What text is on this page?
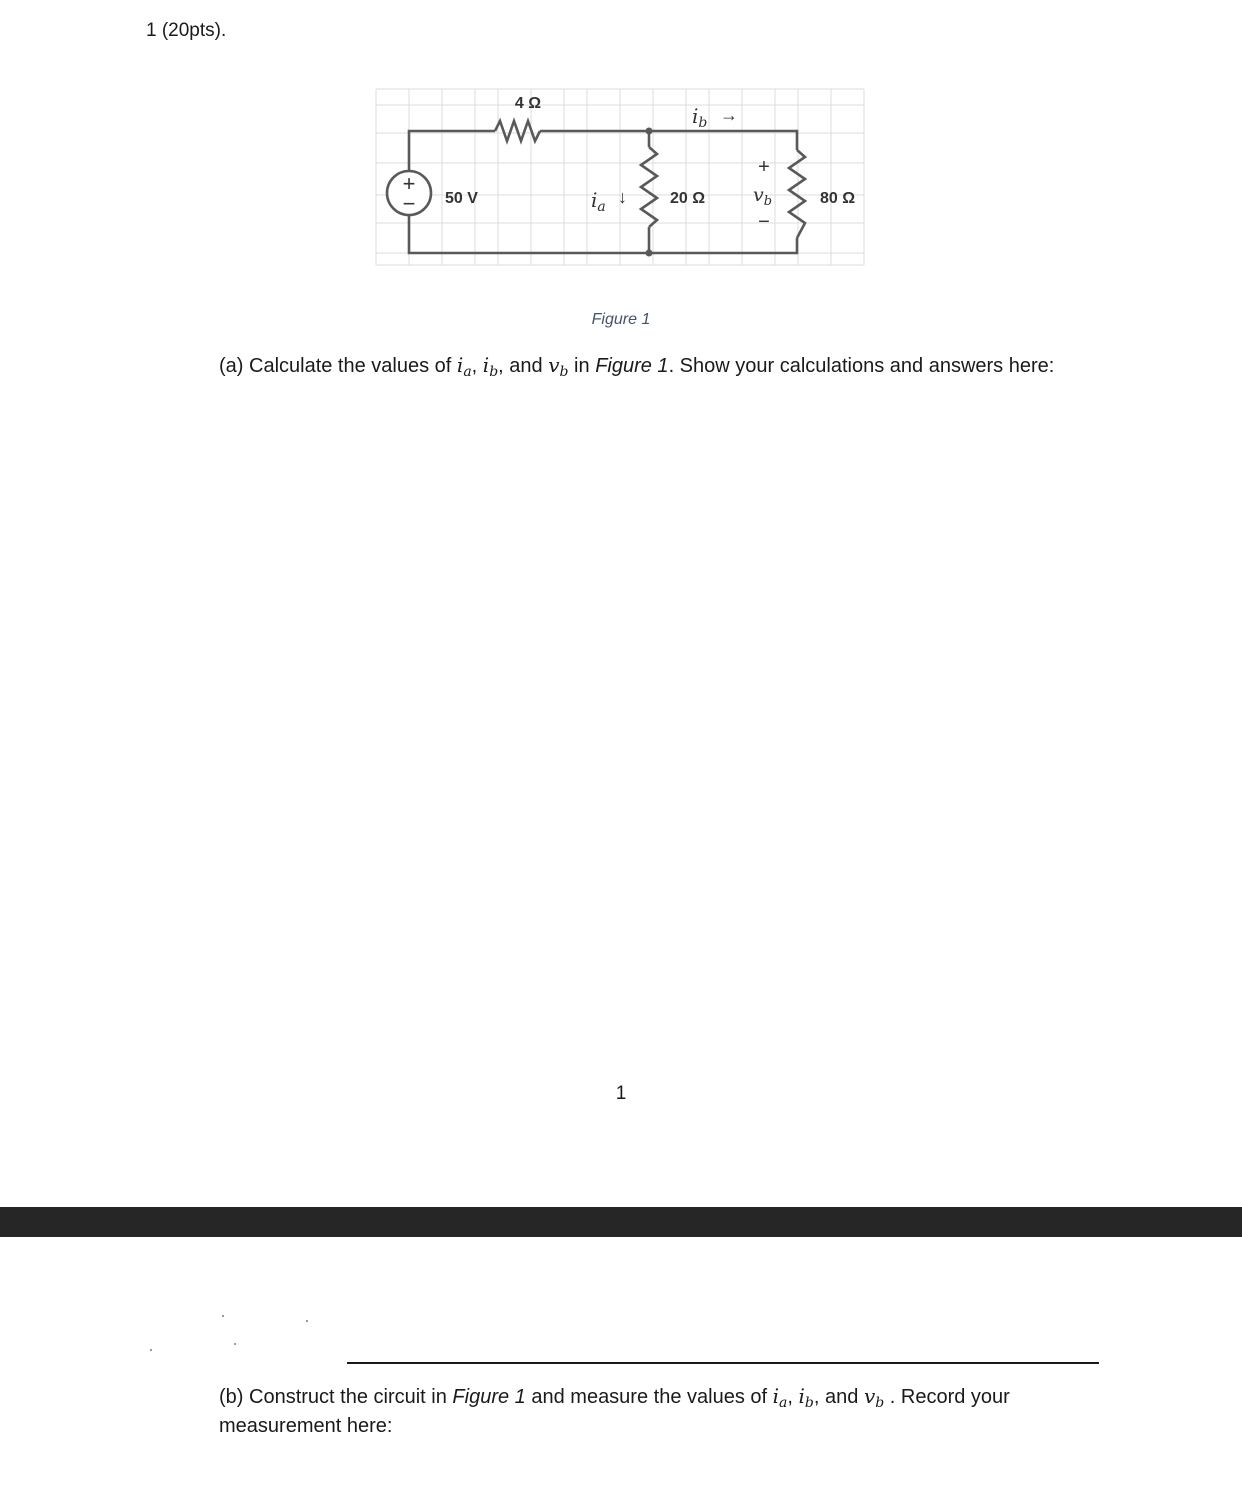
1 (20pts).
+
− 50 V
4 Ω
20 Ω	80 Ω
$i_a$ ↓
$i_b$ →
+
$v_b$
−
Figure 1
(a) Calculate the values of $i_a$, $i_b$, and $v_b$ in Figure 1. Show your calculations and answers here:
1
(b) Construct the circuit in Figure 1 and measure the values of $i_a$, $i_b$, and $v_b$ . Record your measurement here:
